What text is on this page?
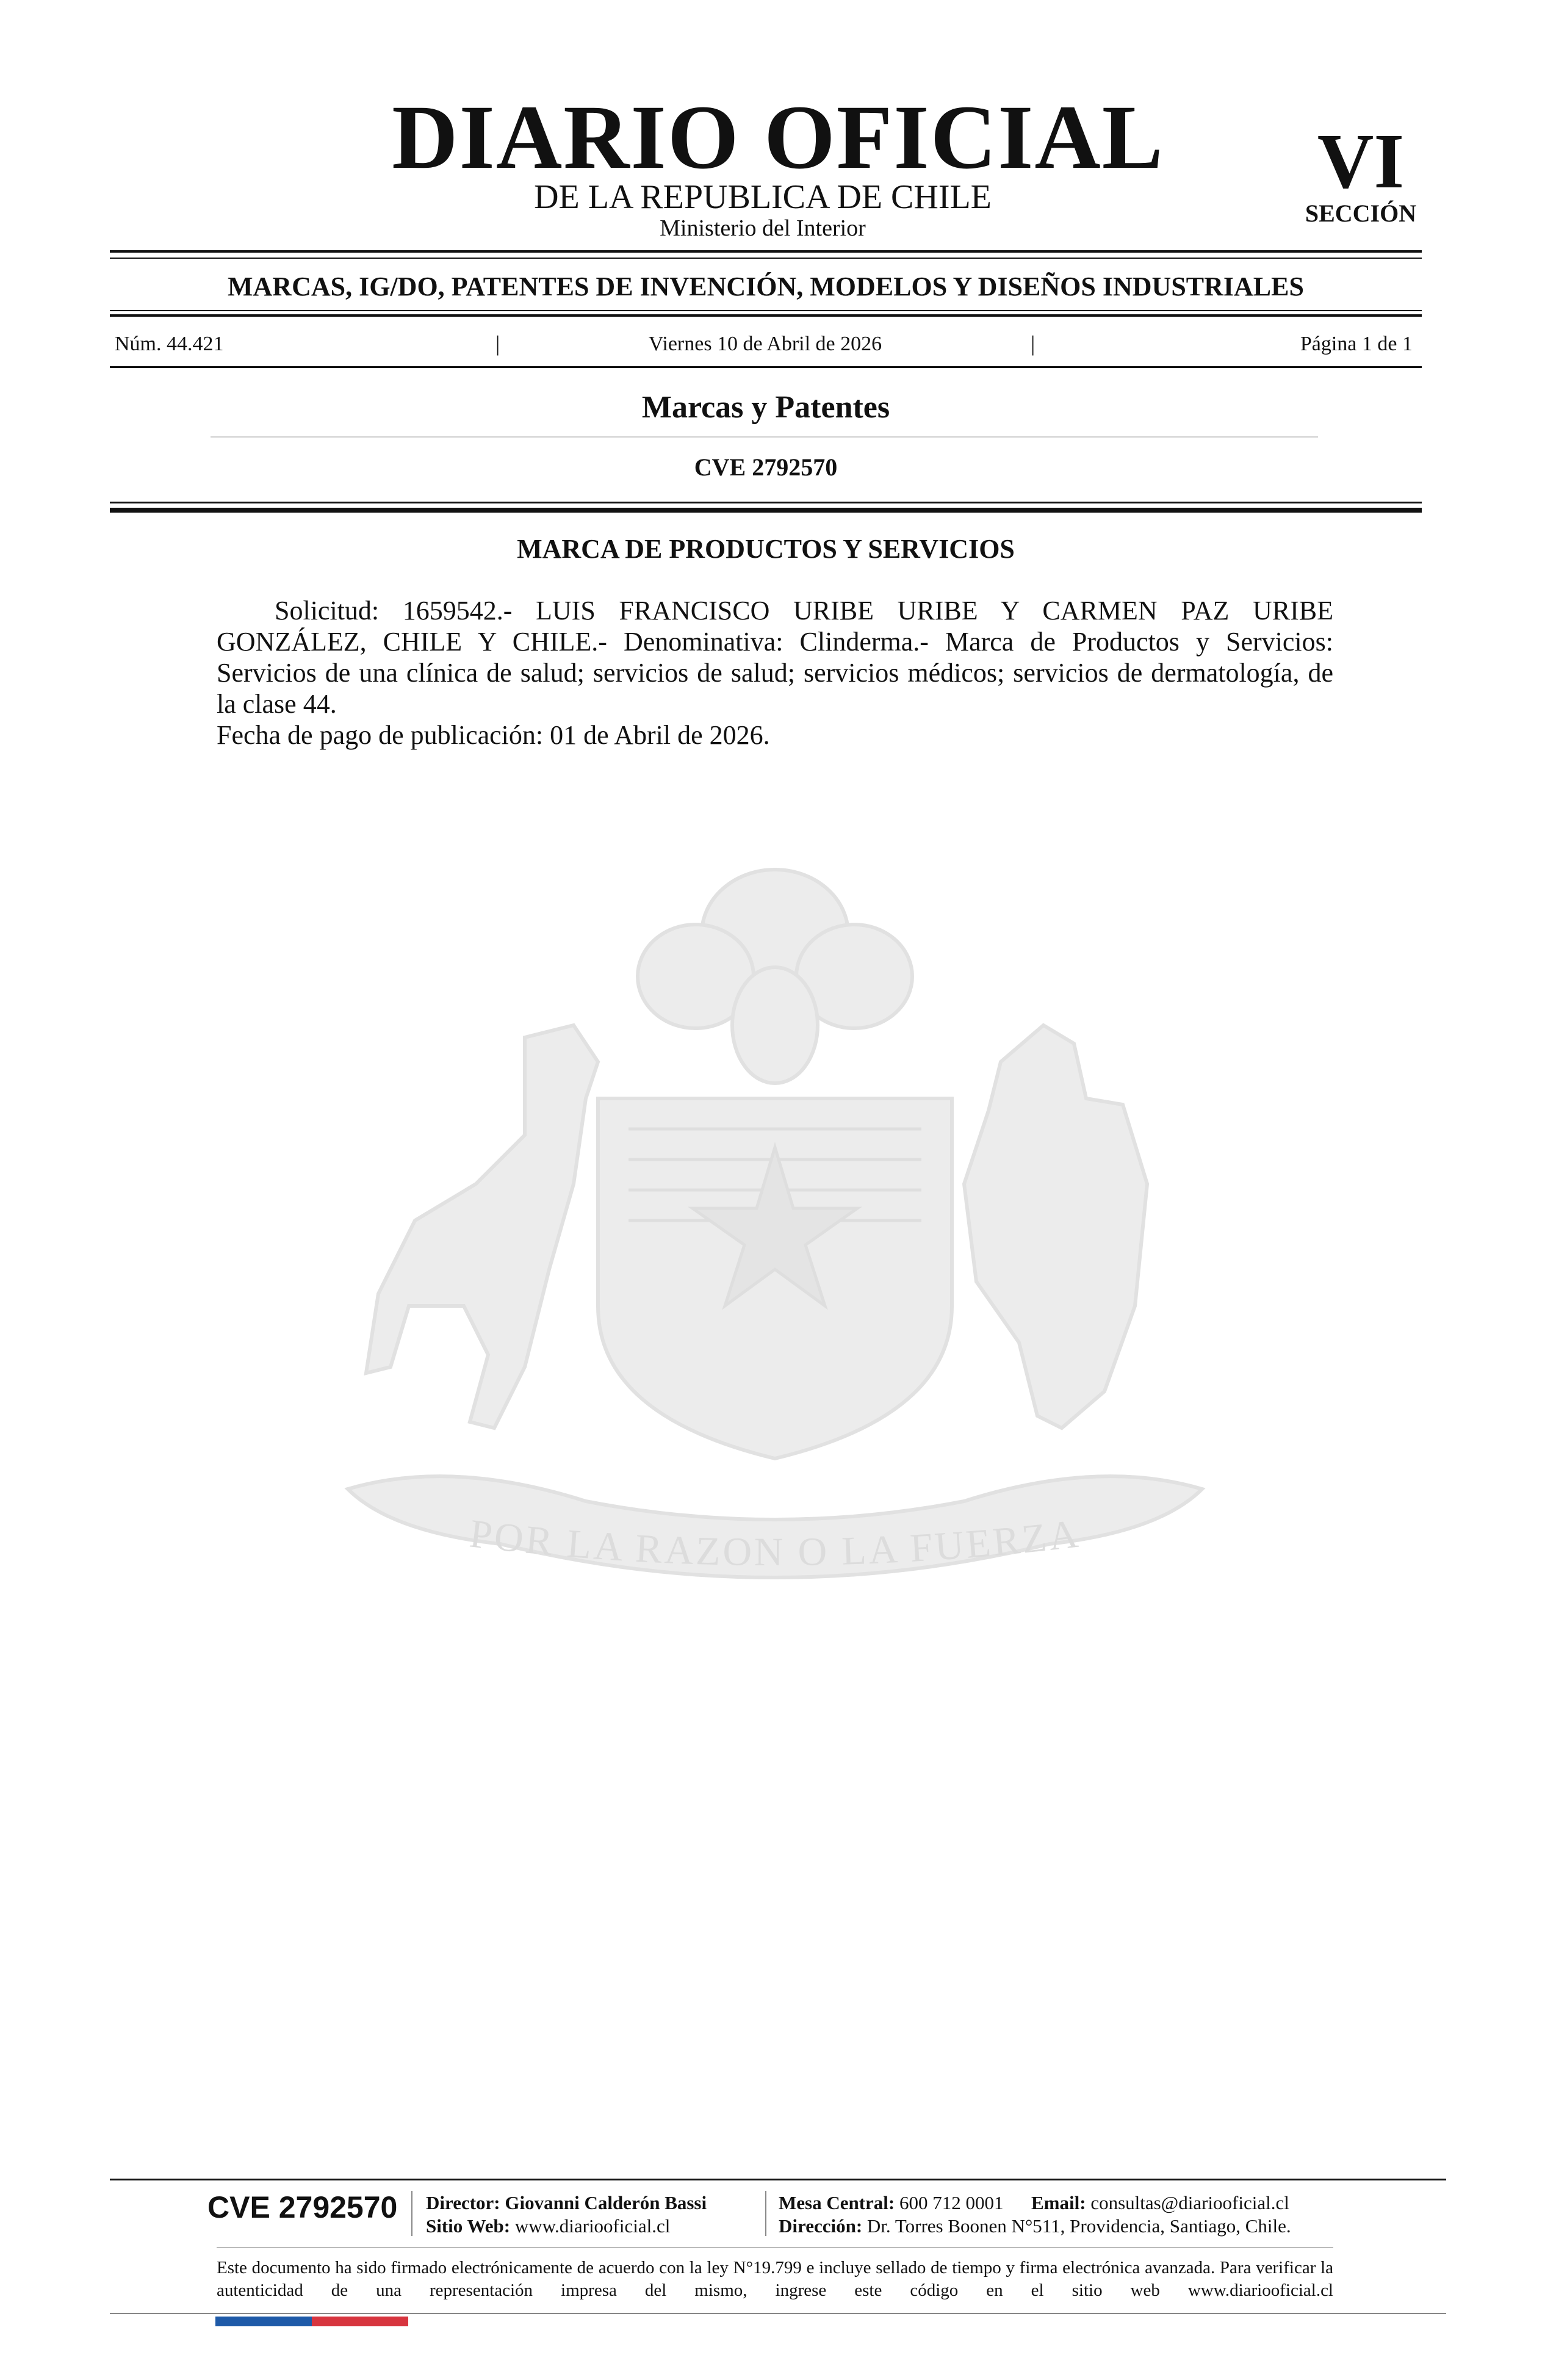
DIARIO OFICIAL
DE LA REPUBLICA DE CHILE
Ministerio del Interior
VI
SECCIÓN
MARCAS, IG/DO, PATENTES DE INVENCIÓN, MODELOS Y DISEÑOS INDUSTRIALES
Núm. 44.421	|	Viernes 10 de Abril de 2026	|	Página 1 de 1
Marcas y Patentes
CVE 2792570
MARCA DE PRODUCTOS Y SERVICIOS

Solicitud: 1659542.- LUIS FRANCISCO URIBE URIBE Y CARMEN PAZ URIBE GONZÁLEZ, CHILE Y CHILE.- Denominativa: Clinderma.- Marca de Productos y Servicios: Servicios de una clínica de salud; servicios de salud; servicios médicos; servicios de dermatología, de la clase 44.

Fecha de pago de publicación: 01 de Abril de 2026.

POR LA RAZON O LA FUERZA
CVE 2792570 Director: Giovanni Calderón Bassi
Sitio Web: www.diariooficial.cl
Mesa Central: 600 712 0001 Email: consultas@diariooficial.cl
Dirección: Dr. Torres Boonen N°511, Providencia, Santiago, Chile.
Este documento ha sido firmado electrónicamente de acuerdo con la ley N°19.799 e incluye sellado de tiempo y firma electrónica avanzada. Para verificar la autenticidad de una representación impresa del mismo, ingrese este código en el sitio web www.diariooficial.cl
